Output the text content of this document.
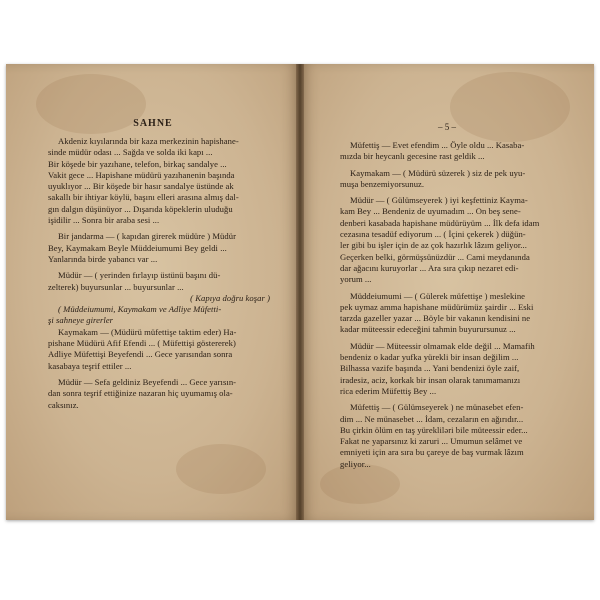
SAHNE
Akdeniz kıyılarında bir kaza merkezinin hapishane-
sinde müdür odası ... Sağda ve solda iki kapı ...
Bir köşede bir yazıhane, telefon, birkaç sandalye ...
Vakit gece ... Hapishane müdürü yazıhanenin başında
uyuklıyor ... Bir köşede bir hasır sandalye üstünde ak
sakallı bir ihtiyar köylü, başını elleri arasına almış dal-
gın dalgın düşünüyor ... Dışarıda köpeklerin uluduğu
işidilir ... Sonra bir araba sesi ...
Bir jandarma — ( kapıdan girerek müdüre ) Müdür
Bey, Kaymakam Beyle Müddeiumumi Bey geldi ...
Yanlarında birde yabancı var ...
Müdür — ( yerinden fırlayıp üstünü başını dü-
zelterek) buyursunlar ... buyursunlar ...
( Kapıya doğru koşar )
( Müddeiumumi, Kaymakam ve Adliye Müfetti-
şi sahneye girerler
Kaymakam — (Müdürü müfettişe taktim eder) Ha-
pishane Müdürü Afif Efendi ... ( Müfettişi göstererek)
Adliye Müfettişi Beyefendi ... Gece yarısından sonra
kasabaya teşrif ettiler ...
Müdür — Sefa geldiniz Beyefendi ... Gece yarısın-
dan sonra teşrif ettiğinize nazaran hiç uyumamış ola-
caksınız.
– 5 –
Müfettiş — Evet efendim ... Öyle oldu ... Kasaba-
mızda bir heycanlı gecesine rast geldik ...
Kaymakam — ( Müdürü süzerek ) siz de pek uyu-
muşa benzemiyorsunuz.
Müdür — ( Gülümseyerek ) iyi keşfettiniz Kayma-
kam Bey ... Bendeniz de uyumadım ... On beş sene-
denberi kasabada hapishane müdürüyüm ... İlk defa idam
cezasına tesadüf ediyorum ... ( İçini çekerek ) düğün-
ler gibi bu işler için de az çok hazırlık lâzım geliyor...
Geçerken belki, görmüşsünüzdür ... Cami meydanında
dar ağacını kuruyorlar ... Ara sıra çıkıp nezaret edi-
yorum ...
Müddeiumumi — ( Gülerek müfettişe ) meslekine
pek uymaz amma hapishane müdürümüz şairdir ... Eski
tarzda gazeller yazar ... Böyle bir vakanın kendisini ne
kadar müteessir edeceğini tahmin buyurursunuz ...
Müdür — Müteessir olmamak elde değil ... Mamafih
bendeniz o kadar yufka yürekli bir insan değilim ...
Bilhassa vazife başında ... Yani bendenizi öyle zaif,
iradesiz, aciz, korkak bir insan olarak tanımamanızı
rica ederim Müfettiş Bey ...
Müfettiş — ( Gülümseyerek ) ne münasebet efen-
dim ... Ne münasebet ... İdam, cezaların en ağırıdır...
Bu çirkin ölüm en taş yürekliləri bile müteessir eder...
Fakat ne yaparsınız ki zaruri ... Umumun selâmet ve
emniyeti için ara sıra bu çareye de baş vurmak lâzım
geliyor...
